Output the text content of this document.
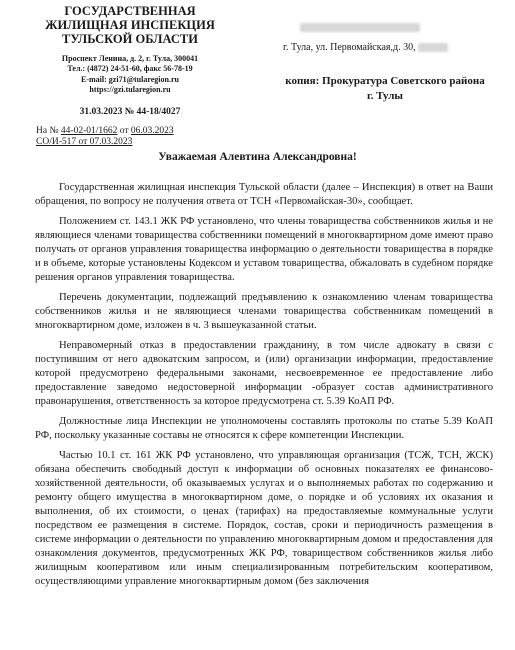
ГОСУДАРСТВЕННАЯ
ЖИЛИЩНАЯ ИНСПЕКЦИЯ
ТУЛЬСКОЙ ОБЛАСТИ
Проспект Ленина, д. 2, г. Тула, 300041
Тел.: (4872) 24-51-60, факс 56-78-19
E-mail: gzi71@tularegion.ru
https://gzi.tularegion.ru
31.03.2023 № 44-18/4027
На № 44-02-01/1662 от 06.03.2023
СО/И-517 от 07.03.2023
г. Тула, ул. Первомайская,д. 30,
копия: Прокуратура Советского района
г. Тулы
Уважаемая Алевтина Александровна!

Государственная жилищная инспекция Тульской области (далее – Инспекция) в ответ на Ваши обращения, по вопросу не получения ответа от ТСН «Первомайская-30», сообщает.

Положением ст. 143.1 ЖК РФ установлено, что члены товарищества собственников жилья и не являющиеся членами товарищества собственники помещений в многоквартирном доме имеют право получать от органов управления товарищества информацию о деятельности товарищества в порядке и в объеме, которые установлены Кодексом и уставом товарищества, обжаловать в судебном порядке решения органов управления товарищества.

Перечень документации, подлежащий предъявлению к ознакомлению членам товарищества собственников жилья и не являющиеся членами товарищества собственникам помещений в многоквартирном доме, изложен в ч. 3 вышеуказанной статьи.

Неправомерный отказ в предоставлении гражданину, в том числе адвокату в связи с поступившим от него адвокатским запросом, и (или) организации информации, предоставление которой предусмотрено федеральными законами, несвоевременное ее предоставление либо предоставление заведомо недостоверной информации -образует состав административного правонарушения, ответственность за которое предусмотрена ст. 5.39 КоАП РФ.

Должностные лица Инспекции не уполномочены составлять протоколы по статье 5.39 КоАП РФ, поскольку указанные составы не относятся к сфере компетенции Инспекции.

Частью 10.1 ст. 161 ЖК РФ установлено, что управляющая организация (ТСЖ, ТСН, ЖСК) обязана обеспечить свободный доступ к информации об основных показателях ее финансово-хозяйственной деятельности, об оказываемых услугах и о выполняемых работах по содержанию и ремонту общего имущества в многоквартирном доме, о порядке и об условиях их оказания и выполнения, об их стоимости, о ценах (тарифах) на предоставляемые коммунальные услуги посредством ее размещения в системе. Порядок, состав, сроки и периодичность размещения в системе информации о деятельности по управлению многоквартирным домом и предоставления для ознакомления документов, предусмотренных ЖК РФ, товариществом собственников жилья либо жилищным кооперативом или иным специализированным потребительским кооперативом, осуществляющими управление многоквартирным домом (без заключения
